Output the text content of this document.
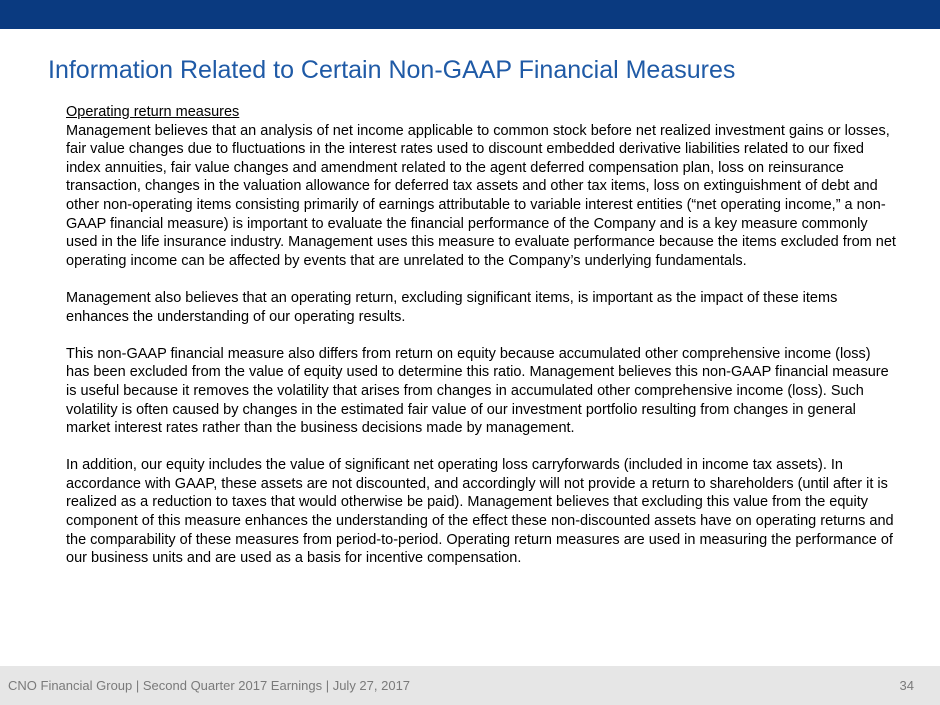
Information Related to Certain Non-GAAP Financial Measures

Operating return measures
Management believes that an analysis of net income applicable to common stock before net realized investment gains or losses, fair value changes due to fluctuations in the interest rates used to discount embedded derivative liabilities related to our fixed index annuities, fair value changes and amendment related to the agent deferred compensation plan, loss on reinsurance transaction, changes in the valuation allowance for deferred tax assets and other tax items, loss on extinguishment of debt and other non-operating items consisting primarily of earnings attributable to variable interest entities (“net operating income,” a non-GAAP financial measure) is important to evaluate the financial performance of the Company and is a key measure commonly used in the life insurance industry. Management uses this measure to evaluate performance because the items excluded from net operating income can be affected by events that are unrelated to the Company’s underlying fundamentals.

Management also believes that an operating return, excluding significant items, is important as the impact of these items enhances the understanding of our operating results.

This non-GAAP financial measure also differs from return on equity because accumulated other comprehensive income (loss) has been excluded from the value of equity used to determine this ratio. Management believes this non-GAAP financial measure is useful because it removes the volatility that arises from changes in accumulated other comprehensive income (loss). Such volatility is often caused by changes in the estimated fair value of our investment portfolio resulting from changes in general market interest rates rather than the business decisions made by management.

In addition, our equity includes the value of significant net operating loss carryforwards (included in income tax assets). In accordance with GAAP, these assets are not discounted, and accordingly will not provide a return to shareholders (until after it is realized as a reduction to taxes that would otherwise be paid). Management believes that excluding this value from the equity component of this measure enhances the understanding of the effect these non-discounted assets have on operating returns and the comparability of these measures from period-to-period. Operating return measures are used in measuring the performance of our business units and are used as a basis for incentive compensation.

CNO Financial Group | Second Quarter 2017 Earnings | July 27, 2017	34
